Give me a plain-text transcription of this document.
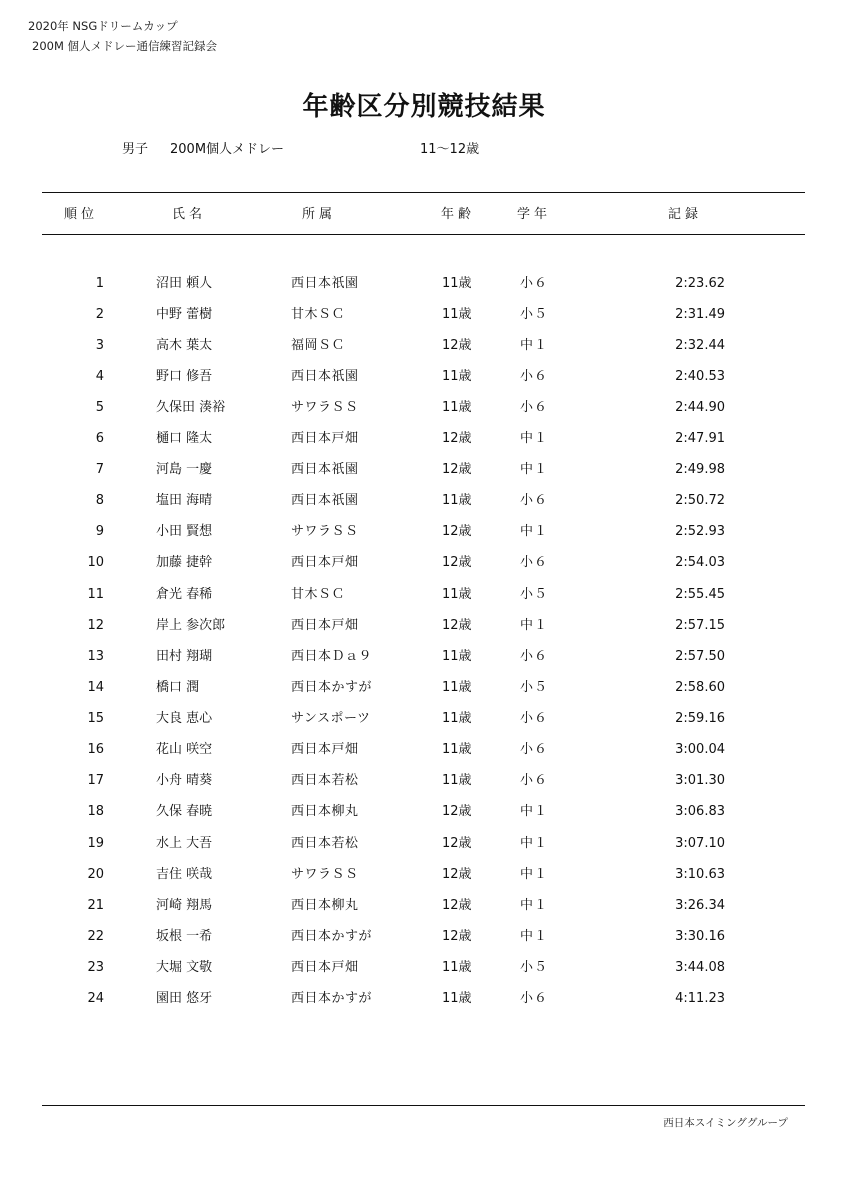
2020年 NSGドリームカップ
200M 個人メドレー通信練習記録会
年齢区分別競技結果
男子 200M個人メドレー	11～12歳
順位	氏名	所属	年齢	学年	記録
1	沼田 頼人	西日本祇園	11歳	小６	2:23.62
2	中野 蕾樹	甘木ＳＣ	11歳	小５	2:31.49
3	高木 葉太	福岡ＳＣ	12歳	中１	2:32.44
4	野口 修吾	西日本祇園	11歳	小６	2:40.53
5	久保田 湊裕	サワラＳＳ	11歳	小６	2:44.90
6	樋口 隆太	西日本戸畑	12歳	中１	2:47.91
7	河島 一慶	西日本祇園	12歳	中１	2:49.98
8	塩田 海晴	西日本祇園	11歳	小６	2:50.72
9	小田 賢想	サワラＳＳ	12歳	中１	2:52.93
10	加藤 捷幹	西日本戸畑	12歳	小６	2:54.03
11	倉光 春稀	甘木ＳＣ	11歳	小５	2:55.45
12	岸上 参次郎	西日本戸畑	12歳	中１	2:57.15
13	田村 翔瑚	西日本Ｄａ９	11歳	小６	2:57.50
14	橋口 潤	西日本かすが	11歳	小５	2:58.60
15	大良 恵心	サンスポーツ	11歳	小６	2:59.16
16	花山 咲空	西日本戸畑	11歳	小６	3:00.04
17	小舟 晴葵	西日本若松	11歳	小６	3:01.30
18	久保 春暁	西日本柳丸	12歳	中１	3:06.83
19	水上 大吾	西日本若松	12歳	中１	3:07.10
20	吉住 咲哉	サワラＳＳ	12歳	中１	3:10.63
21	河崎 翔馬	西日本柳丸	12歳	中１	3:26.34
22	坂根 一希	西日本かすが	12歳	中１	3:30.16
23	大堀 文敬	西日本戸畑	11歳	小５	3:44.08
24	園田 悠牙	西日本かすが	11歳	小６	4:11.23
西日本スイミンググループ
